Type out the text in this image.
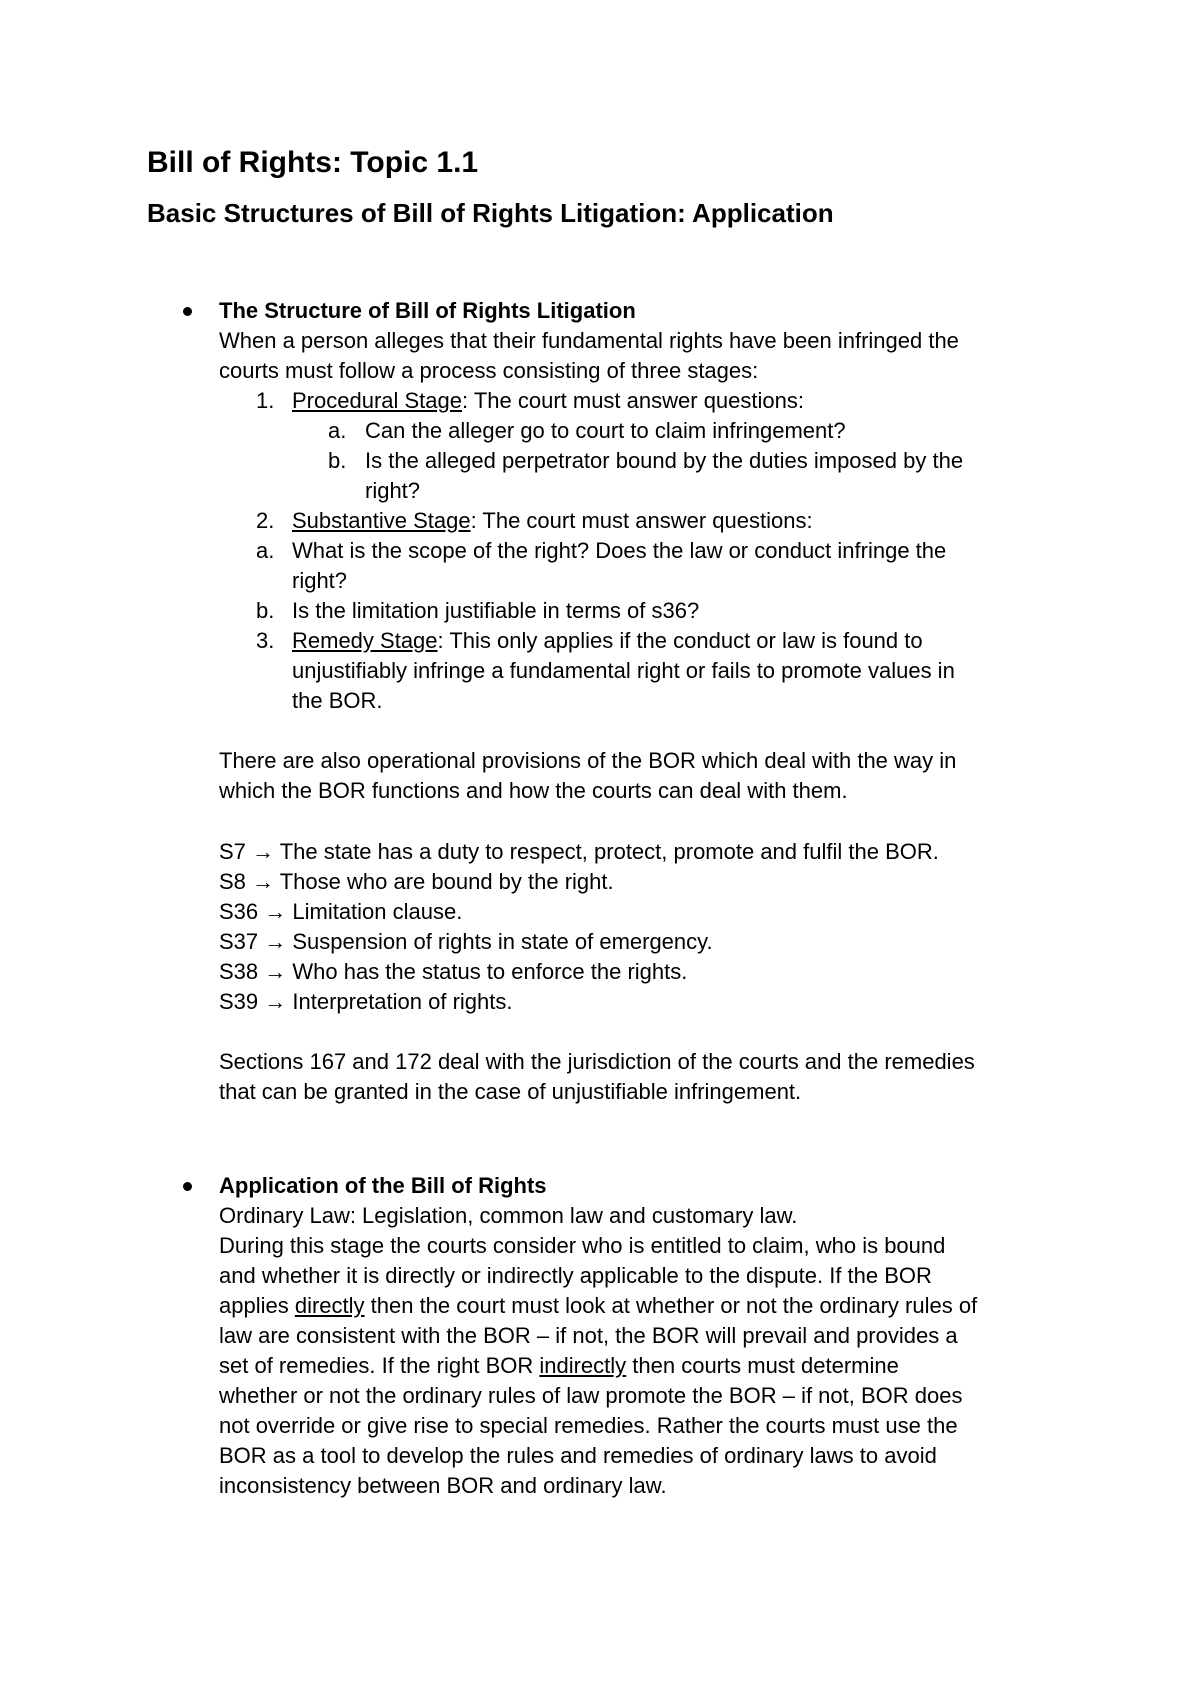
Bill of Rights: Topic 1.1
Basic Structures of Bill of Rights Litigation: Application
The Structure of Bill of Rights Litigation
When a person alleges that their fundamental rights have been infringed the
courts must follow a process consisting of three stages:
1. Procedural Stage: The court must answer questions:
a. Can the alleger go to court to claim infringement?
b. Is the alleged perpetrator bound by the duties imposed by the
right?
2. Substantive Stage: The court must answer questions:
a. What is the scope of the right? Does the law or conduct infringe the
right?
b. Is the limitation justifiable in terms of s36?
3. Remedy Stage: This only applies if the conduct or law is found to
unjustifiably infringe a fundamental right or fails to promote values in
the BOR.
There are also operational provisions of the BOR which deal with the way in
which the BOR functions and how the courts can deal with them.
S7 → The state has a duty to respect, protect, promote and fulfil the BOR.
S8 → Those who are bound by the right.
S36 → Limitation clause.
S37 → Suspension of rights in state of emergency.
S38 → Who has the status to enforce the rights.
S39 → Interpretation of rights.
Sections 167 and 172 deal with the jurisdiction of the courts and the remedies
that can be granted in the case of unjustifiable infringement.
Application of the Bill of Rights
Ordinary Law: Legislation, common law and customary law.
During this stage the courts consider who is entitled to claim, who is bound
and whether it is directly or indirectly applicable to the dispute. If the BOR
applies directly then the court must look at whether or not the ordinary rules of
law are consistent with the BOR – if not, the BOR will prevail and provides a
set of remedies. If the right BOR indirectly then courts must determine
whether or not the ordinary rules of law promote the BOR – if not, BOR does
not override or give rise to special remedies. Rather the courts must use the
BOR as a tool to develop the rules and remedies of ordinary laws to avoid
inconsistency between BOR and ordinary law.
